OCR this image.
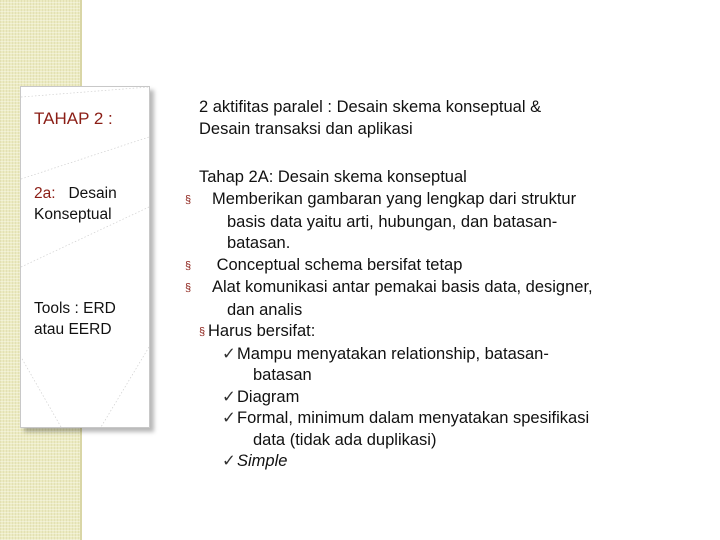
TAHAP 2 :
2a: Desain
Konseptual
Tools : ERD
atau EERD
2 aktifitas paralel : Desain skema konseptual &
Desain transaksi dan aplikasi
Tahap 2A: Desain skema konseptual
§ Memberikan gambaran yang lengkap dari struktur
basis data yaitu arti, hubungan, dan batasan-
batasan.
§ Conceptual schema bersifat tetap
§ Alat komunikasi antar pemakai basis data, designer,
dan analis
§ Harus bersifat:
✓Mampu menyatakan relationship, batasan-
batasan
✓Diagram
✓Formal, minimum dalam menyatakan spesifikasi
data (tidak ada duplikasi)
✓Simple
